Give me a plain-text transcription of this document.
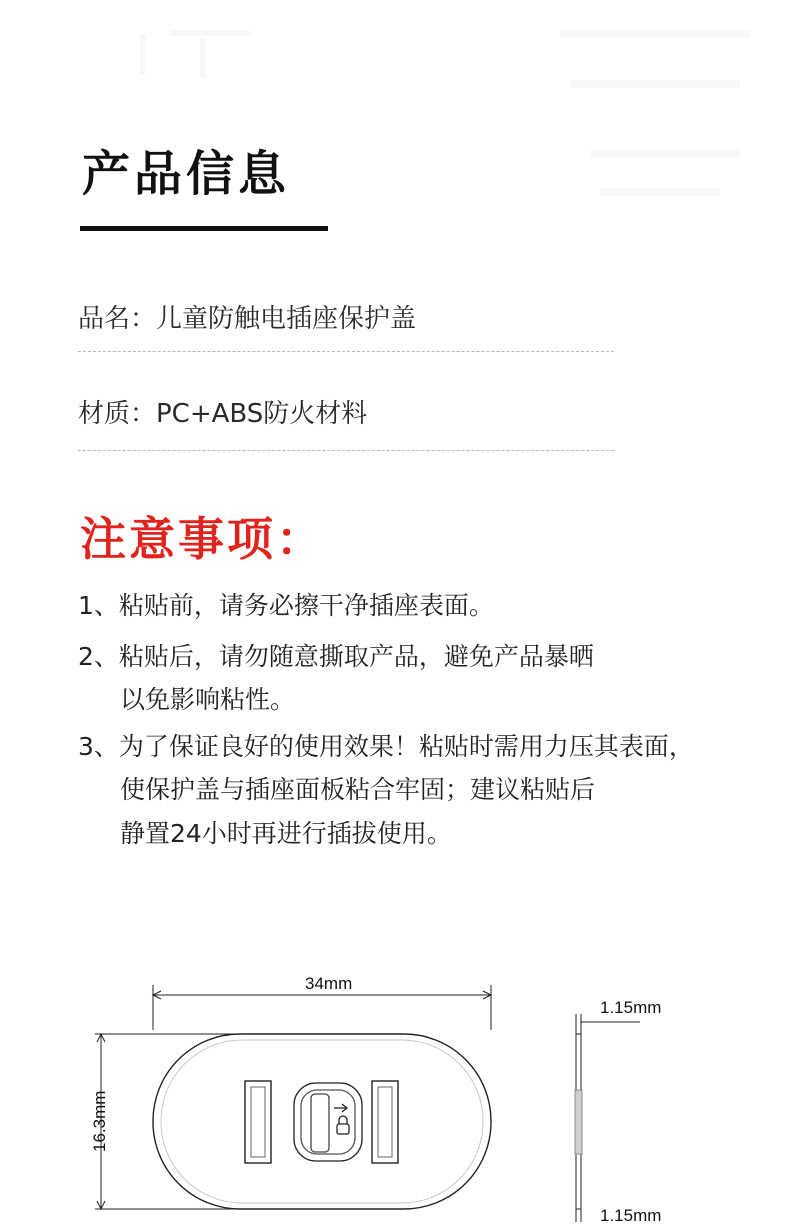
产品信息
品名：儿童防触电插座保护盖
材质：PC+ABS防火材料
注意事项：
1、粘贴前，请务必擦干净插座表面。
2、粘贴后，请勿随意撕取产品，避免产品暴晒
以免影响粘性。
3、为了保证良好的使用效果！粘贴时需用力压其表面，
使保护盖与插座面板粘合牢固；建议粘贴后
静置24小时再进行插拔使用。
34mm
16.3mm
1.15mm
1.15mm
